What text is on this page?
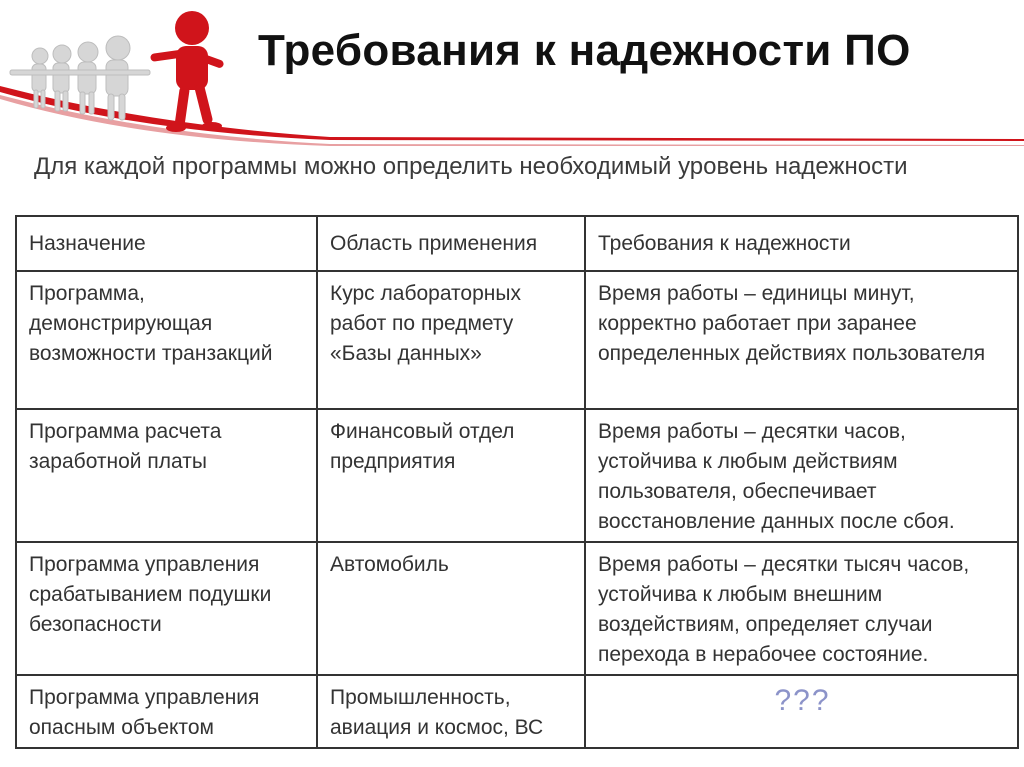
Требования к надежности ПО
Для каждой программы можно определить необходимый уровень надежности
Назначение	Область применения	Требования к надежности
Программа, демонстрирующая возможности транзакций	Курс лабораторных работ по предмету «Базы данных»	Время работы – единицы минут, корректно работает при заранее определенных действиях пользователя
Программа расчета заработной платы	Финансовый отдел предприятия	Время работы – десятки часов, устойчива к любым действиям пользователя, обеспечивает восстановление данных после сбоя.
Программа управления срабатыванием подушки безопасности	Автомобиль	Время работы – десятки тысяч часов, устойчива к любым внешним воздействиям, определяет случаи перехода в нерабочее состояние.
Программа управления опасным объектом	Промышленность, авиация и космос, ВС	???
